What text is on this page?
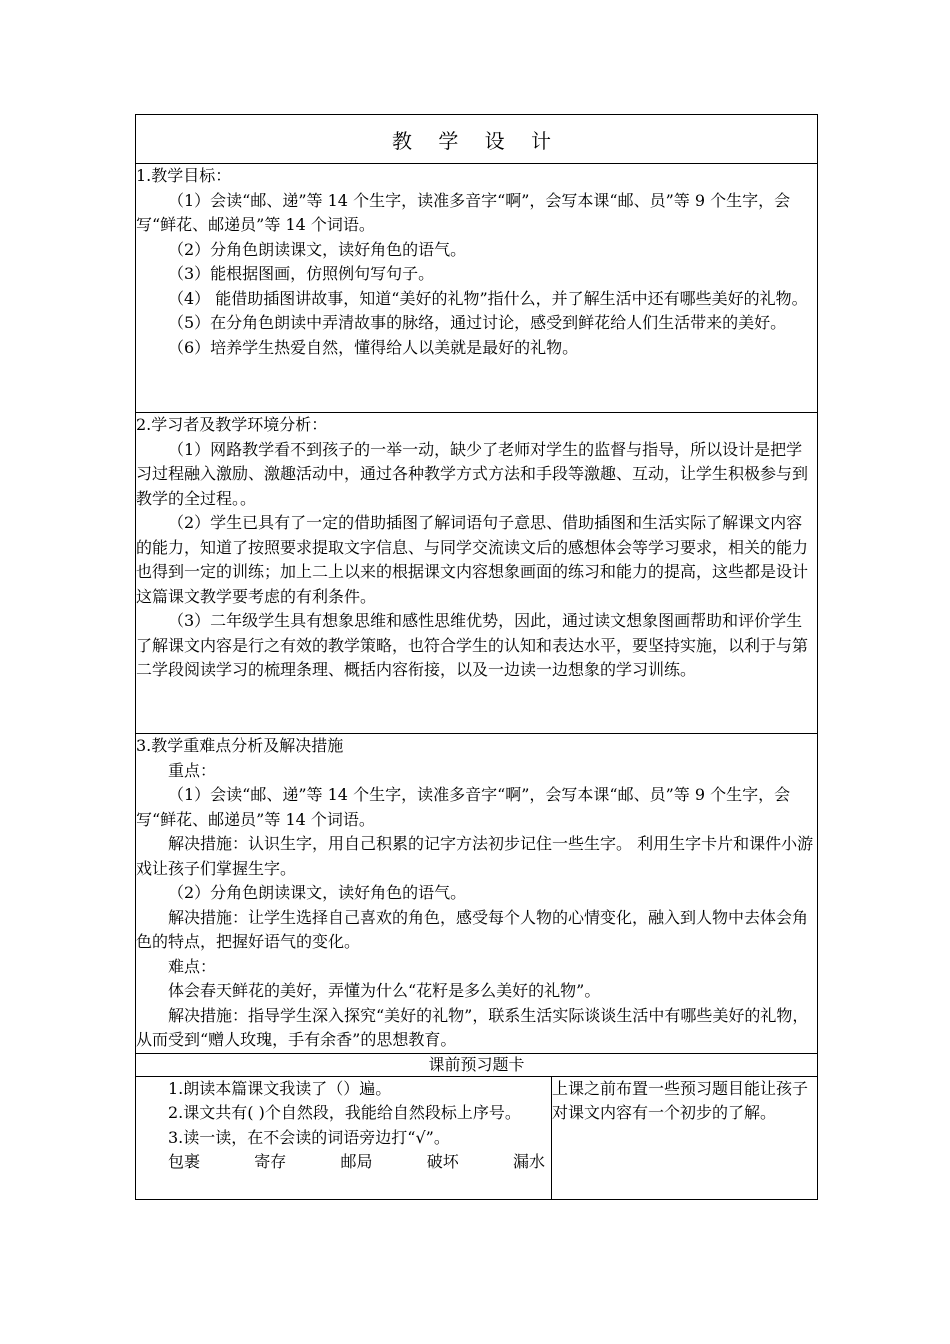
教 学 设 计

1.教学目标：

（1）会读“邮、递”等 14 个生字，读准多音字“啊”，会写本课“邮、员”等 9 个生字，会写“鲜花、邮递员”等 14 个词语。

（2）分角色朗读课文，读好角色的语气。

（3）能根据图画，仿照例句写句子。

（4） 能借助插图讲故事，知道“美好的礼物”指什么，并了解生活中还有哪些美好的礼物。

（5）在分角色朗读中弄清故事的脉络，通过讨论，感受到鲜花给人们生活带来的美好。

（6）培养学生热爱自然，懂得给人以美就是最好的礼物。

2.学习者及教学环境分析：

（1）网路教学看不到孩子的一举一动，缺少了老师对学生的监督与指导，所以设计是把学习过程融入激励、激趣活动中，通过各种教学方式方法和手段等激趣、互动，让学生积极参与到教学的全过程。。

（2）学生已具有了一定的借助插图了解词语句子意思、借助插图和生活实际了解课文内容的能力，知道了按照要求提取文字信息、与同学交流读文后的感想体会等学习要求，相关的能力也得到一定的训练；加上二上以来的根据课文内容想象画面的练习和能力的提高，这些都是设计这篇课文教学要考虑的有利条件。

（3）二年级学生具有想象思维和感性思维优势，因此，通过读文想象图画帮助和评价学生了解课文内容是行之有效的教学策略，也符合学生的认知和表达水平，要坚持实施，以利于与第二学段阅读学习的梳理条理、概括内容衔接，以及一边读一边想象的学习训练。

3.教学重难点分析及解决措施

重点：

（1）会读“邮、递”等 14 个生字，读准多音字“啊”，会写本课“邮、员”等 9 个生字，会写“鲜花、邮递员”等 14 个词语。

解决措施：认识生字，用自己积累的记字方法初步记住一些生字。 利用生字卡片和课件小游戏让孩子们掌握生字。

（2）分角色朗读课文，读好角色的语气。

解决措施：让学生选择自己喜欢的角色，感受每个人物的心情变化，融入到人物中去体会角色的特点，把握好语气的变化。

难点：

体会春天鲜花的美好，弄懂为什么“花籽是多么美好的礼物”。

解决措施：指导学生深入探究“美好的礼物”，联系生活实际谈谈生活中有哪些美好的礼物，从而受到“赠人玫瑰，手有余香”的思想教育。

课前预习题卡

1.朗读本篇课文我读了（）遍。

2.课文共有( )个自然段，我能给自然段标上序号。

3.读一读，在不会读的词语旁边打“√”。

包裹	寄存	邮局	破坏	漏水
	上课之前布置一些预习题目能让孩子对课文内容有一个初步的了解。
